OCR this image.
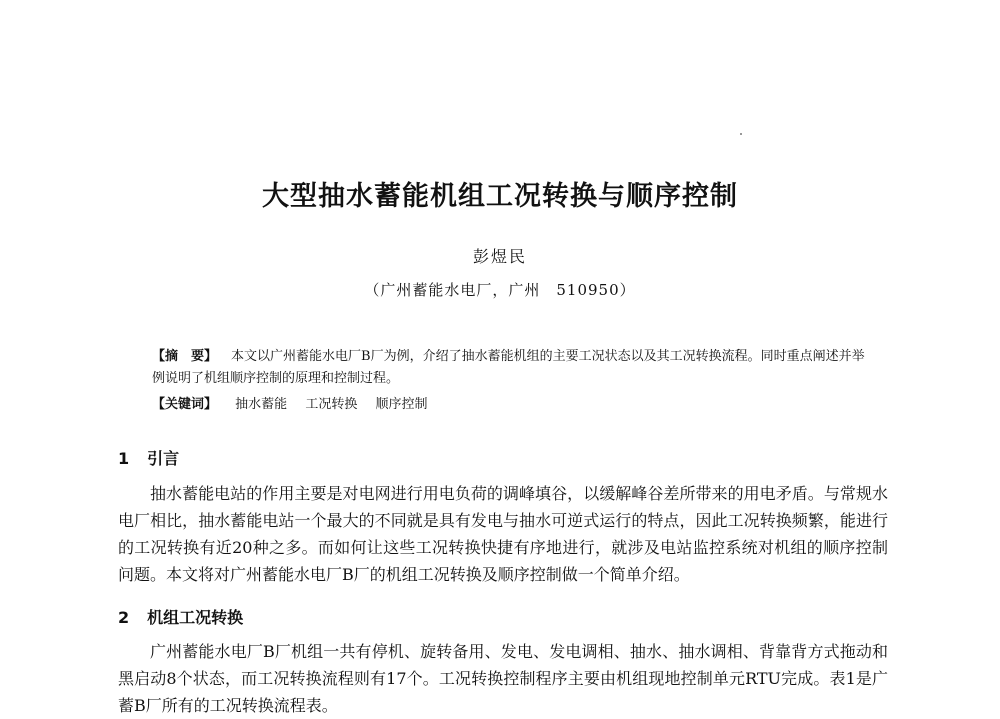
大型抽水蓄能机组工况转换与顺序控制
彭煜民
（广州蓄能水电厂，广州　510950）
【摘　要】 本文以广州蓄能水电厂B厂为例，介绍了抽水蓄能机组的主要工况状态以及其工况转换流程。同时重点阐述并举例说明了机组顺序控制的原理和控制过程。
【关键词】 抽水蓄能 工况转换 顺序控制
1 引言
抽水蓄能电站的作用主要是对电网进行用电负荷的调峰填谷，以缓解峰谷差所带来的用电矛盾。与常规水电厂相比，抽水蓄能电站一个最大的不同就是具有发电与抽水可逆式运行的特点，因此工况转换频繁，能进行的工况转换有近20种之多。而如何让这些工况转换快捷有序地进行，就涉及电站监控系统对机组的顺序控制问题。本文将对广州蓄能水电厂B厂的机组工况转换及顺序控制做一个简单介绍。
2 机组工况转换
广州蓄能水电厂B厂机组一共有停机、旋转备用、发电、发电调相、抽水、抽水调相、背靠背方式拖动和黑启动8个状态，而工况转换流程则有17个。工况转换控制程序主要由机组现地控制单元RTU完成。表1是广蓄B厂所有的工况转换流程表。
